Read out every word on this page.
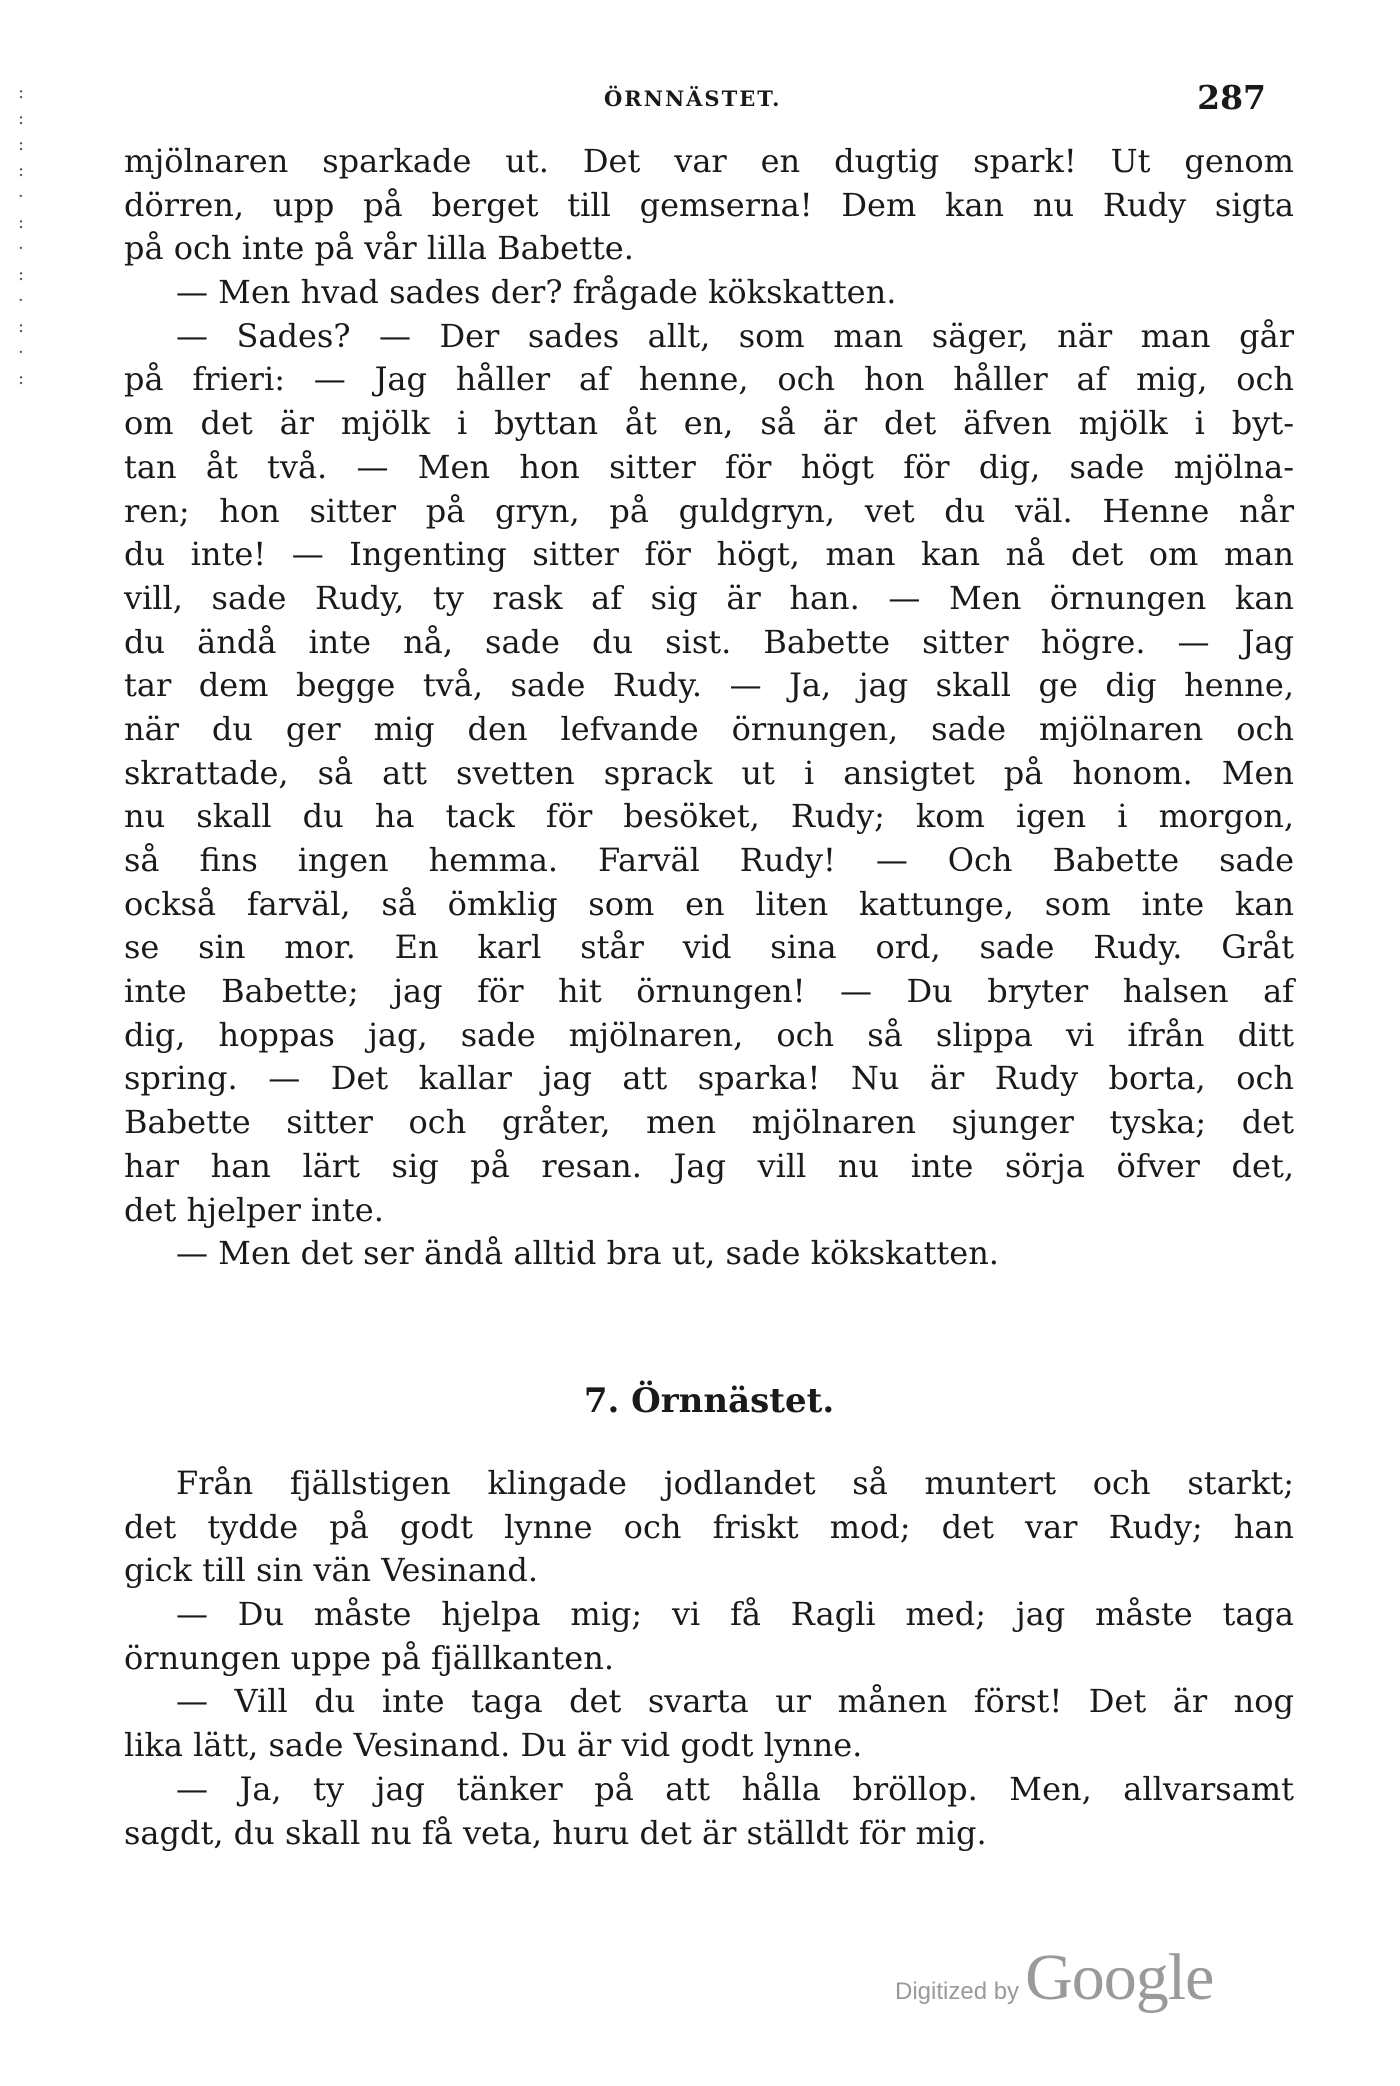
:
:
:
:
·
:
·
:
·
:
·
:
ÖRNNÄSTET.	287
mjölnaren sparkade ut. Det var en dugtig spark! Ut genom
dörren, upp på berget till gemserna! Dem kan nu Rudy sigta
på och inte på vår lilla Babette.
— Men hvad sades der? frågade kökskatten.
— Sades? — Der sades allt, som man säger, när man går
på frieri: — Jag håller af henne, och hon håller af mig, och
om det är mjölk i byttan åt en, så är det äfven mjölk i byt-
tan åt två. — Men hon sitter för högt för dig, sade mjölna-
ren; hon sitter på gryn, på guldgryn, vet du väl. Henne når
du inte! — Ingenting sitter för högt, man kan nå det om man
vill, sade Rudy, ty rask af sig är han. — Men örnungen kan
du ändå inte nå, sade du sist. Babette sitter högre. — Jag
tar dem begge två, sade Rudy. — Ja, jag skall ge dig henne,
när du ger mig den lefvande örnungen, sade mjölnaren och
skrattade, så att svetten sprack ut i ansigtet på honom. Men
nu skall du ha tack för besöket, Rudy; kom igen i morgon,
så fins ingen hemma. Farväl Rudy! — Och Babette sade
också farväl, så ömklig som en liten kattunge, som inte kan
se sin mor. En karl står vid sina ord, sade Rudy. Gråt
inte Babette; jag för hit örnungen! — Du bryter halsen af
dig, hoppas jag, sade mjölnaren, och så slippa vi ifrån ditt
spring. — Det kallar jag att sparka! Nu är Rudy borta, och
Babette sitter och gråter, men mjölnaren sjunger tyska; det
har han lärt sig på resan. Jag vill nu inte sörja öfver det,
det hjelper inte.
— Men det ser ändå alltid bra ut, sade kökskatten.
7. Örnnästet.
Från fjällstigen klingade jodlandet så muntert och starkt;
det tydde på godt lynne och friskt mod; det var Rudy; han
gick till sin vän Vesinand.
— Du måste hjelpa mig; vi få Ragli med; jag måste taga
örnungen uppe på fjällkanten.
— Vill du inte taga det svarta ur månen först! Det är nog
lika lätt, sade Vesinand. Du är vid godt lynne.
— Ja, ty jag tänker på att hålla bröllop. Men, allvarsamt
sagdt, du skall nu få veta, huru det är ställdt för mig.
Digitized byGoogle
